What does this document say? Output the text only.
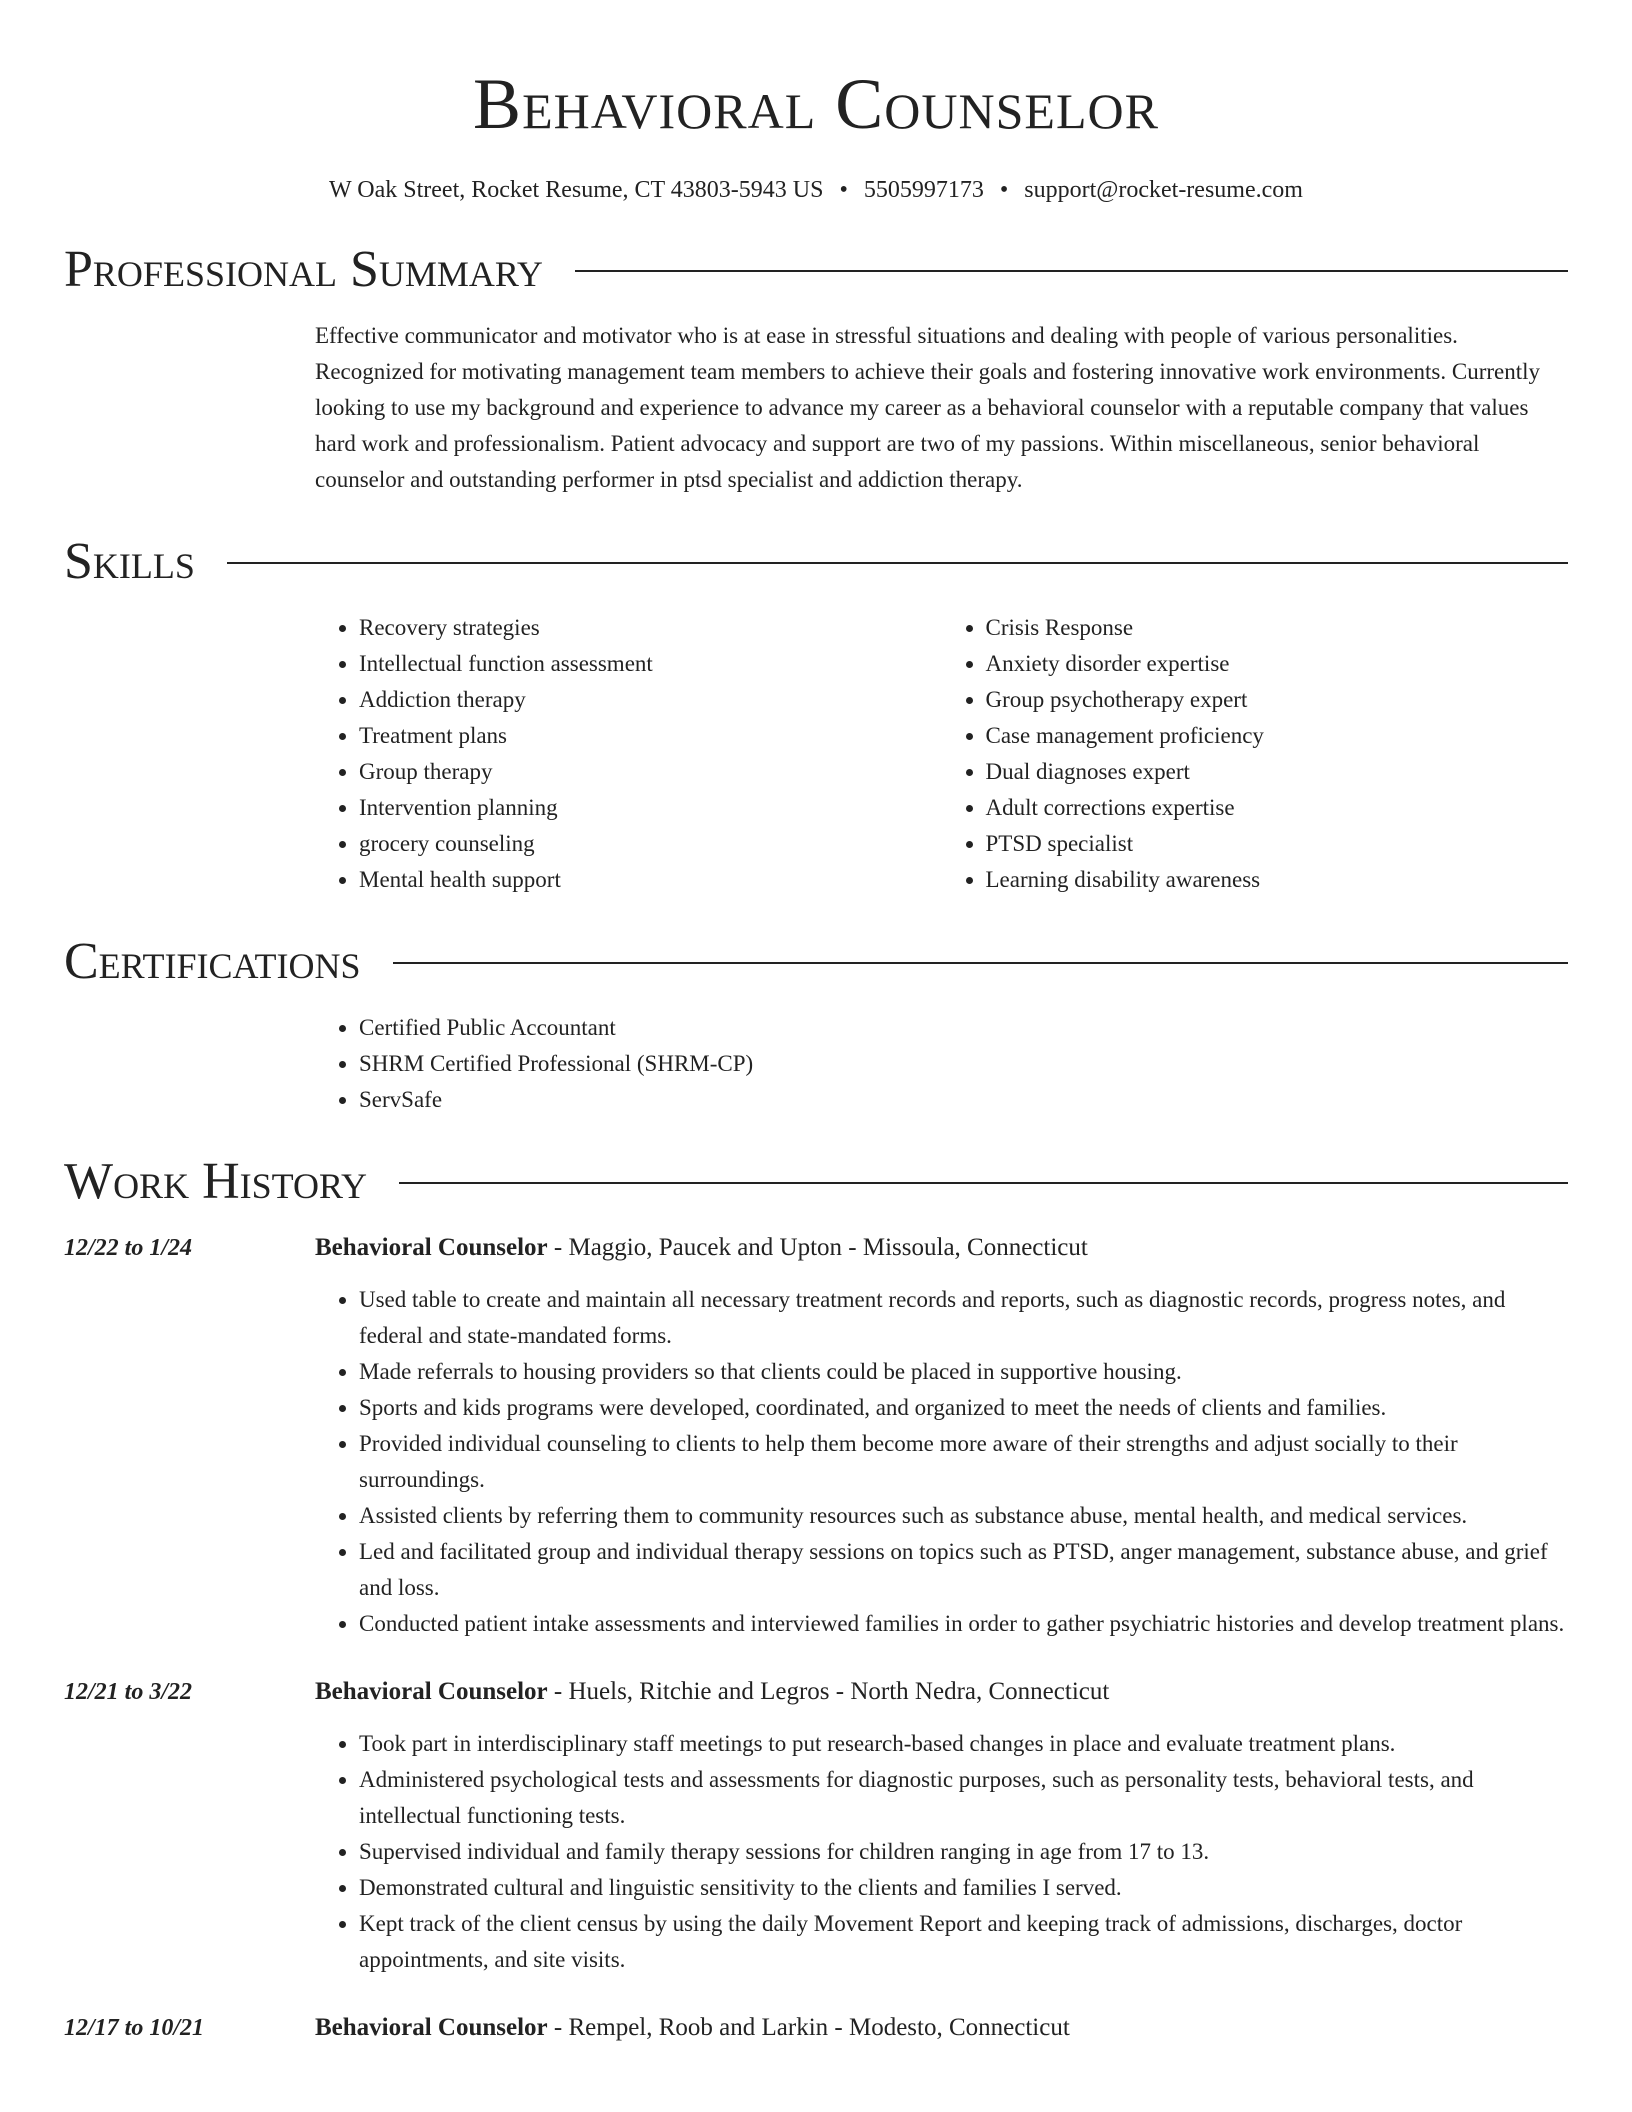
Behavioral Counselor
W Oak Street, Rocket Resume, CT 43803-5943 US • 5505997173 • support@rocket-resume.com
Professional Summary

Effective communicator and motivator who is at ease in stressful situations and dealing with people of various personalities. Recognized for motivating management team members to achieve their goals and fostering innovative work environments. Currently looking to use my background and experience to advance my career as a behavioral counselor with a reputable company that values hard work and professionalism. Patient advocacy and support are two of my passions. Within miscellaneous, senior behavioral counselor and outstanding performer in ptsd specialist and addiction therapy.

Skills
• Recovery strategies
• Intellectual function assessment
• Addiction therapy
• Treatment plans
• Group therapy
• Intervention planning
• grocery counseling
• Mental health support
• Crisis Response
• Anxiety disorder expertise
• Group psychotherapy expert
• Case management proficiency
• Dual diagnoses expert
• Adult corrections expertise
• PTSD specialist
• Learning disability awareness
Certifications
• Certified Public Accountant
• SHRM Certified Professional (SHRM-CP)
• ServSafe
Work History
12/22 to 1/24	Behavioral Counselor - Maggio, Paucek and Upton - Missoula, Connecticut
• Used table to create and maintain all necessary treatment records and reports, such as diagnostic records, progress notes, and federal and state-mandated forms.
• Made referrals to housing providers so that clients could be placed in supportive housing.
• Sports and kids programs were developed, coordinated, and organized to meet the needs of clients and families.
• Provided individual counseling to clients to help them become more aware of their strengths and adjust socially to their surroundings.
• Assisted clients by referring them to community resources such as substance abuse, mental health, and medical services.
• Led and facilitated group and individual therapy sessions on topics such as PTSD, anger management, substance abuse, and grief and loss.
• Conducted patient intake assessments and interviewed families in order to gather psychiatric histories and develop treatment plans.
12/21 to 3/22	Behavioral Counselor - Huels, Ritchie and Legros - North Nedra, Connecticut
• Took part in interdisciplinary staff meetings to put research-based changes in place and evaluate treatment plans.
• Administered psychological tests and assessments for diagnostic purposes, such as personality tests, behavioral tests, and intellectual functioning tests.
• Supervised individual and family therapy sessions for children ranging in age from 17 to 13.
• Demonstrated cultural and linguistic sensitivity to the clients and families I served.
• Kept track of the client census by using the daily Movement Report and keeping track of admissions, discharges, doctor appointments, and site visits.
12/17 to 10/21	Behavioral Counselor - Rempel, Roob and Larkin - Modesto, Connecticut
